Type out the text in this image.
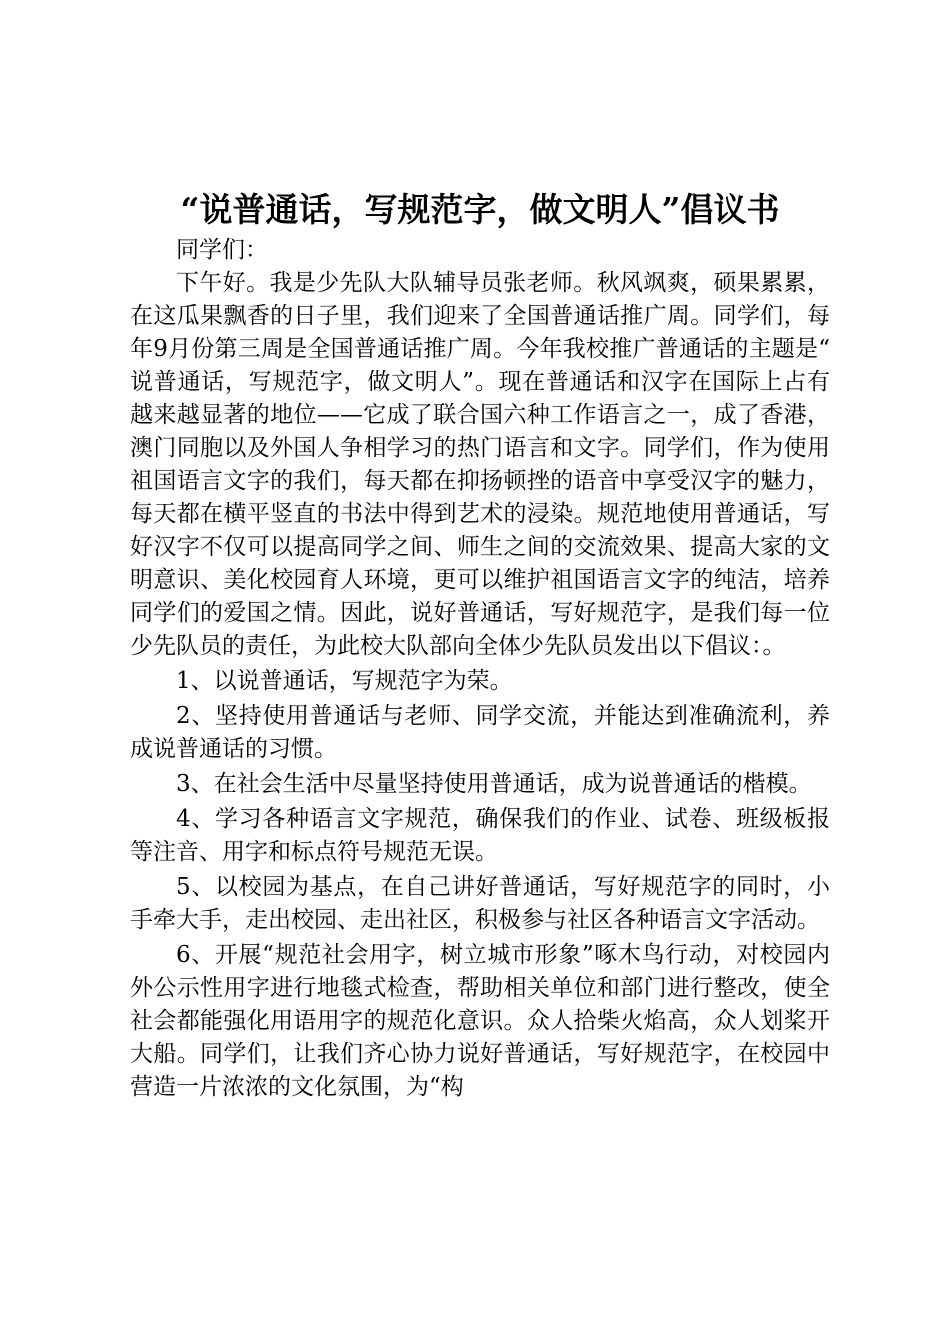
“说普通话，写规范字，做文明人”倡议书

同学们：

下午好。我是少先队大队辅导员张老师。秋风飒爽，硕果累累，在这瓜果飘香的日子里，我们迎来了全国普通话推广周。同学们，每年9月份第三周是全国普通话推广周。今年我校推广普通话的主题是“说普通话，写规范字，做文明人”。现在普通话和汉字在国际上占有越来越显著的地位——它成了联合国六种工作语言之一，成了香港，澳门同胞以及外国人争相学习的热门语言和文字。同学们，作为使用祖国语言文字的我们，每天都在抑扬顿挫的语音中享受汉字的魅力，每天都在横平竖直的书法中得到艺术的浸染。规范地使用普通话，写好汉字不仅可以提高同学之间、师生之间的交流效果、提高大家的文明意识、美化校园育人环境，更可以维护祖国语言文字的纯洁，培养同学们的爱国之情。因此，说好普通话，写好规范字，是我们每一位少先队员的责任，为此校大队部向全体少先队员发出以下倡议：。

1、以说普通话，写规范字为荣。

2、坚持使用普通话与老师、同学交流，并能达到准确流利，养成说普通话的习惯。

3、在社会生活中尽量坚持使用普通话，成为说普通话的楷模。

4、学习各种语言文字规范，确保我们的作业、试卷、班级板报等注音、用字和标点符号规范无误。

5、以校园为基点，在自己讲好普通话，写好规范字的同时，小手牵大手，走出校园、走出社区，积极参与社区各种语言文字活动。

6、开展“规范社会用字，树立城市形象”啄木鸟行动，对校园内外公示性用字进行地毯式检查，帮助相关单位和部门进行整改，使全社会都能强化用语用字的规范化意识。众人拾柴火焰高，众人划桨开大船。同学们，让我们齐心协力说好普通话，写好规范字，在校园中营造一片浓浓的文化氛围，为“构
